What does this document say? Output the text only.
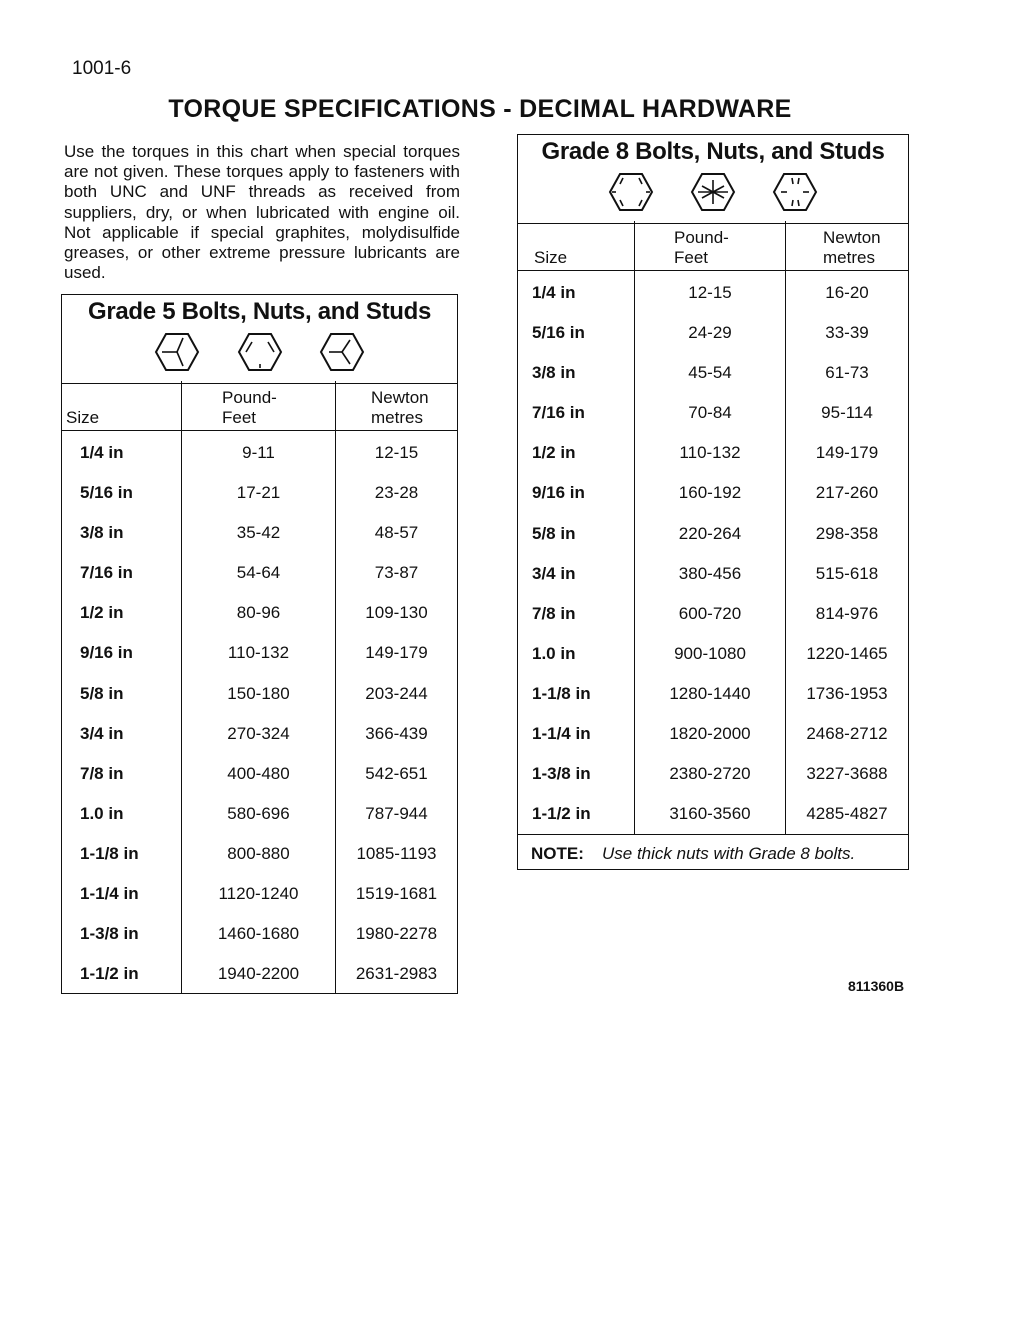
1001-6
TORQUE SPECIFICATIONS - DECIMAL HARDWARE

Use the torques in this chart when special torques are not given. These torques apply to fasteners with both UNC and UNF threads as received from suppliers, dry, or when lubricated with engine oil. Not applicable if special graphites, molydisulfide greases, or other extreme pressure lubricants are used.

Grade 5 Bolts, Nuts, and Studs

Size
Pound-
Feet
Newton
metres
1/4 in	9-11	12-15
5/16 in	17-21	23-28
3/8 in	35-42	48-57
7/16 in	54-64	73-87
1/2 in	80-96	109-130
9/16 in	110-132	149-179
5/8 in	150-180	203-244
3/4 in	270-324	366-439
7/8 in	400-480	542-651
1.0 in	580-696	787-944
1-1/8 in	800-880	1085-1193
1-1/4 in	1120-1240	1519-1681
1-3/8 in	1460-1680	1980-2278
1-1/2 in	1940-2200	2631-2983
Grade 8 Bolts, Nuts, and Studs

Size
Pound-
Feet
Newton
metres
1/4 in	12-15	16-20
5/16 in	24-29	33-39
3/8 in	45-54	61-73
7/16 in	70-84	95-114
1/2 in	110-132	149-179
9/16 in	160-192	217-260
5/8 in	220-264	298-358
3/4 in	380-456	515-618
7/8 in	600-720	814-976
1.0 in	900-1080	1220-1465
1-1/8 in	1280-1440	1736-1953
1-1/4 in	1820-2000	2468-2712
1-3/8 in	2380-2720	3227-3688
1-1/2 in	3160-3560	4285-4827
NOTE: Use thick nuts with Grade 8 bolts.
811360B
